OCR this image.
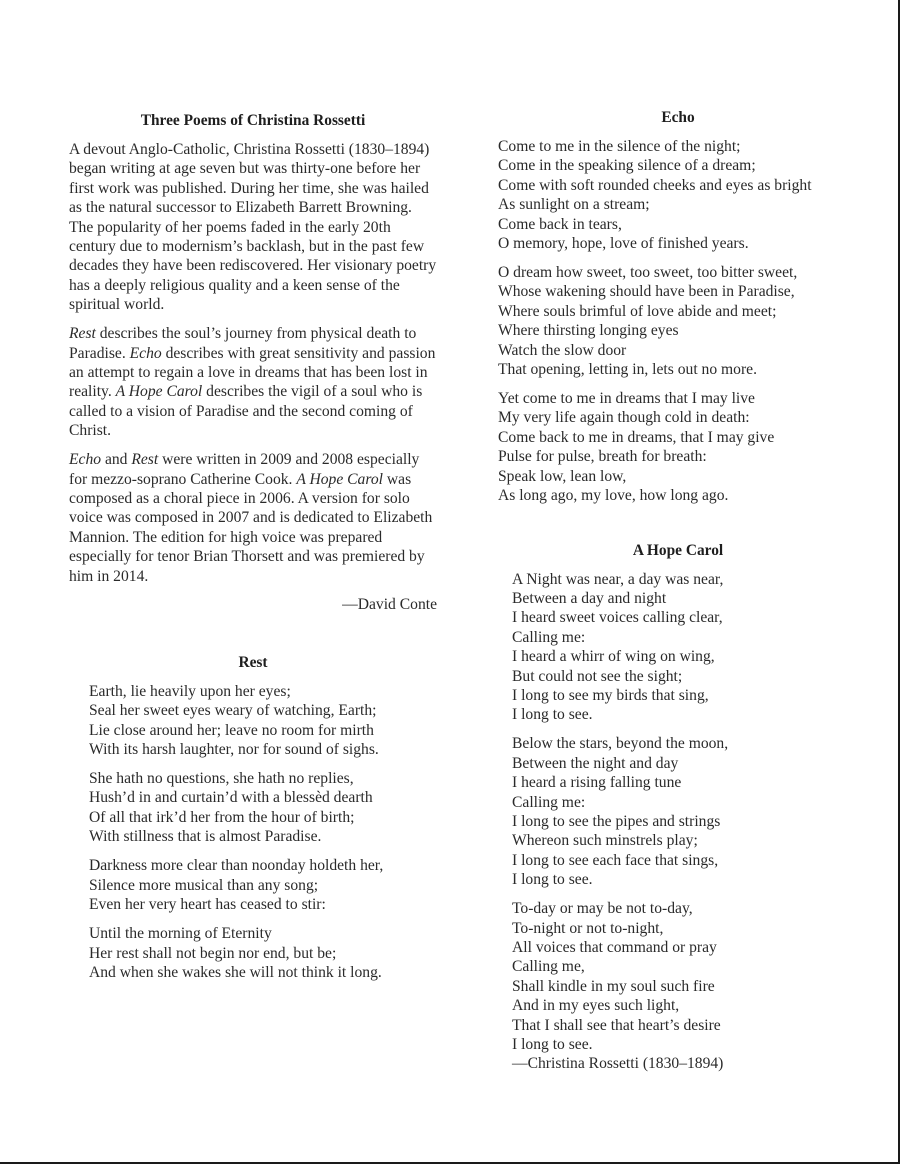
Three Poems of Christina Rossetti

A devout Anglo-Catholic, Christina Rossetti (1830–1894) began writing at age seven but was thirty-one before her first work was published. During her time, she was hailed as the natural successor to Elizabeth Barrett Browning. The popularity of her poems faded in the early 20th century due to modernism’s backlash, but in the past few decades they have been rediscovered. Her visionary poetry has a deeply religious quality and a keen sense of the spiritual world.

Rest describes the soul’s journey from physical death to Paradise. Echo describes with great sensitivity and passion an attempt to regain a love in dreams that has been lost in reality. A Hope Carol describes the vigil of a soul who is called to a vision of Paradise and the second coming of Christ.

Echo and Rest were written in 2009 and 2008 especially for mezzo-soprano Catherine Cook. A Hope Carol was composed as a choral piece in 2006. A version for solo voice was composed in 2007 and is dedicated to Elizabeth Mannion. The edition for high voice was prepared especially for tenor Brian Thorsett and was premiered by him in 2014.

—David Conte

Rest
Earth, lie heavily upon her eyes;
Seal her sweet eyes weary of watching, Earth;
Lie close around her; leave no room for mirth
With its harsh laughter, nor for sound of sighs.
She hath no questions, she hath no replies,
Hush’d in and curtain’d with a blessèd dearth
Of all that irk’d her from the hour of birth;
With stillness that is almost Paradise.
Darkness more clear than noonday holdeth her,
Silence more musical than any song;
Even her very heart has ceased to stir:
Until the morning of Eternity
Her rest shall not begin nor end, but be;
And when she wakes she will not think it long.
Echo
Come to me in the silence of the night;
Come in the speaking silence of a dream;
Come with soft rounded cheeks and eyes as bright
As sunlight on a stream;
Come back in tears,
O memory, hope, love of finished years.
O dream how sweet, too sweet, too bitter sweet,
Whose wakening should have been in Paradise,
Where souls brimful of love abide and meet;
Where thirsting longing eyes
Watch the slow door
That opening, letting in, lets out no more.
Yet come to me in dreams that I may live
My very life again though cold in death:
Come back to me in dreams, that I may give
Pulse for pulse, breath for breath:
Speak low, lean low,
As long ago, my love, how long ago.
A Hope Carol
A Night was near, a day was near,
Between a day and night
I heard sweet voices calling clear,
Calling me:
I heard a whirr of wing on wing,
But could not see the sight;
I long to see my birds that sing,
I long to see.
Below the stars, beyond the moon,
Between the night and day
I heard a rising falling tune
Calling me:
I long to see the pipes and strings
Whereon such minstrels play;
I long to see each face that sings,
I long to see.
To-day or may be not to-day,
To-night or not to-night,
All voices that command or pray
Calling me,
Shall kindle in my soul such fire
And in my eyes such light,
That I shall see that heart’s desire
I long to see.
—Christina Rossetti (1830–1894)
